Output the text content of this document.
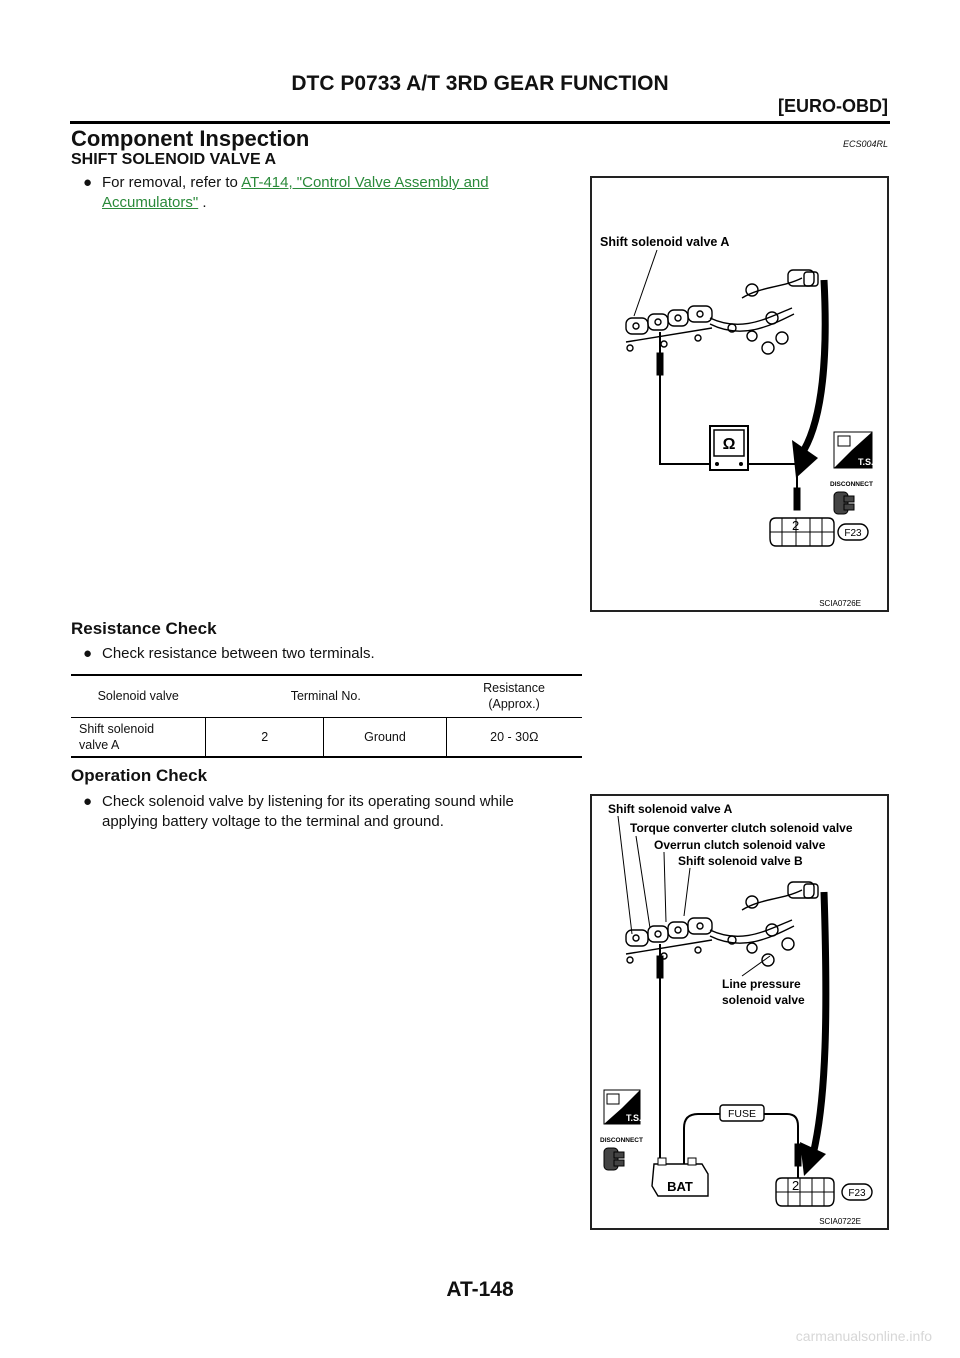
DTC P0733 A/T 3RD GEAR FUNCTION
[EURO-OBD]
Component Inspection	ECS004RL
SHIFT SOLENOID VALVE A
● For removal, refer to AT-414, "Control Valve Assembly and
Accumulators" .
Shift solenoid valve A
Ω
T.S.
DISCONNECT
2
F23
SCIA0726E
Resistance Check
● Check resistance between two terminals.
Solenoid valve	Terminal No.		Resistance
(Approx.)

Shift solenoid
valve A	2	Ground	20 - 30Ω
Operation Check
● Check solenoid valve by listening for its operating sound while
applying battery voltage to the terminal and ground.
Shift solenoid valve A
Torque converter clutch solenoid valve
Overrun clutch solenoid valve
Shift solenoid valve B
Line pressure
solenoid valve
FUSE
BAT
T.S.
DISCONNECT
2
F23
SCIA0722E
AT-148
carmanualsonline.info
